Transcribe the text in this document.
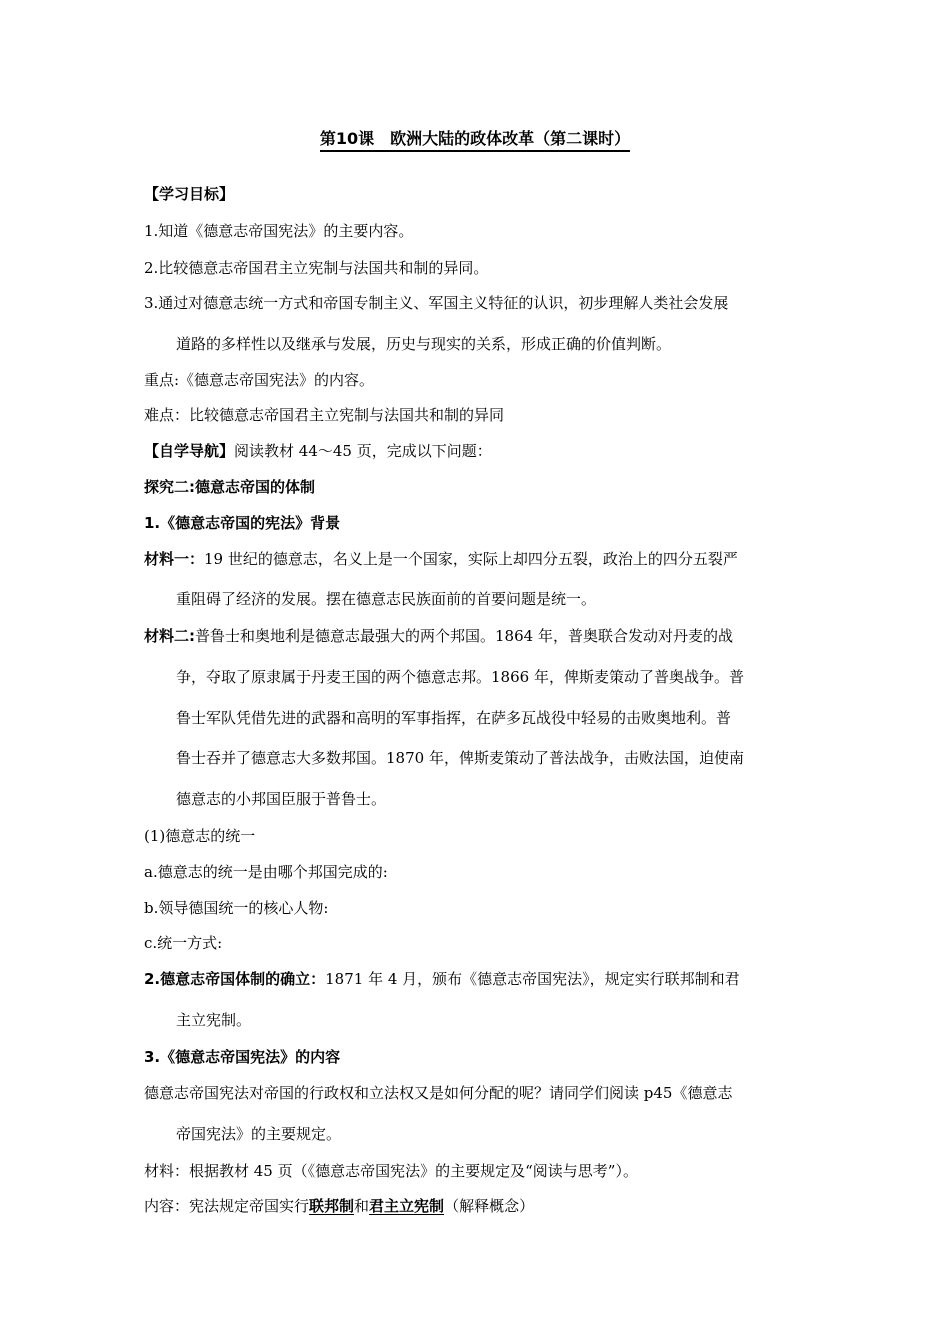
第10课　欧洲大陆的政体改革（第二课时）
【学习目标】
1.知道《德意志帝国宪法》的主要内容。
2.比较德意志帝国君主立宪制与法国共和制的异同。
3.通过对德意志统一方式和帝国专制主义、军国主义特征的认识，初步理解人类社会发展
道路的多样性以及继承与发展，历史与现实的关系，形成正确的价值判断。
重点:《德意志帝国宪法》的内容。
难点：比较德意志帝国君主立宪制与法国共和制的异同
【自学导航】阅读教材 44～45 页，完成以下问题：
探究二:德意志帝国的体制
1.《德意志帝国的宪法》背景
材料一：19 世纪的德意志，名义上是一个国家，实际上却四分五裂，政治上的四分五裂严
重阻碍了经济的发展。摆在德意志民族面前的首要问题是统一。
材料二:普鲁士和奥地利是德意志最强大的两个邦国。1864 年，普奥联合发动对丹麦的战
争，夺取了原隶属于丹麦王国的两个德意志邦。1866 年，俾斯麦策动了普奥战争。普
鲁士军队凭借先进的武器和高明的军事指挥，在萨多瓦战役中轻易的击败奥地利。普
鲁士吞并了德意志大多数邦国。1870 年，俾斯麦策动了普法战争，击败法国，迫使南
德意志的小邦国臣服于普鲁士。
(1)德意志的统一
a.德意志的统一是由哪个邦国完成的:
b.领导德国统一的核心人物:
c.统一方式:
2.德意志帝国体制的确立：1871 年 4 月，颁布《德意志帝国宪法》，规定实行联邦制和君
主立宪制。
3.《德意志帝国宪法》的内容
德意志帝国宪法对帝国的行政权和立法权又是如何分配的呢？请同学们阅读 p45《德意志
帝国宪法》的主要规定。
材料：根据教材 45 页（《德意志帝国宪法》的主要规定及“阅读与思考”）。
内容：宪法规定帝国实行联邦制和君主立宪制（解释概念）
